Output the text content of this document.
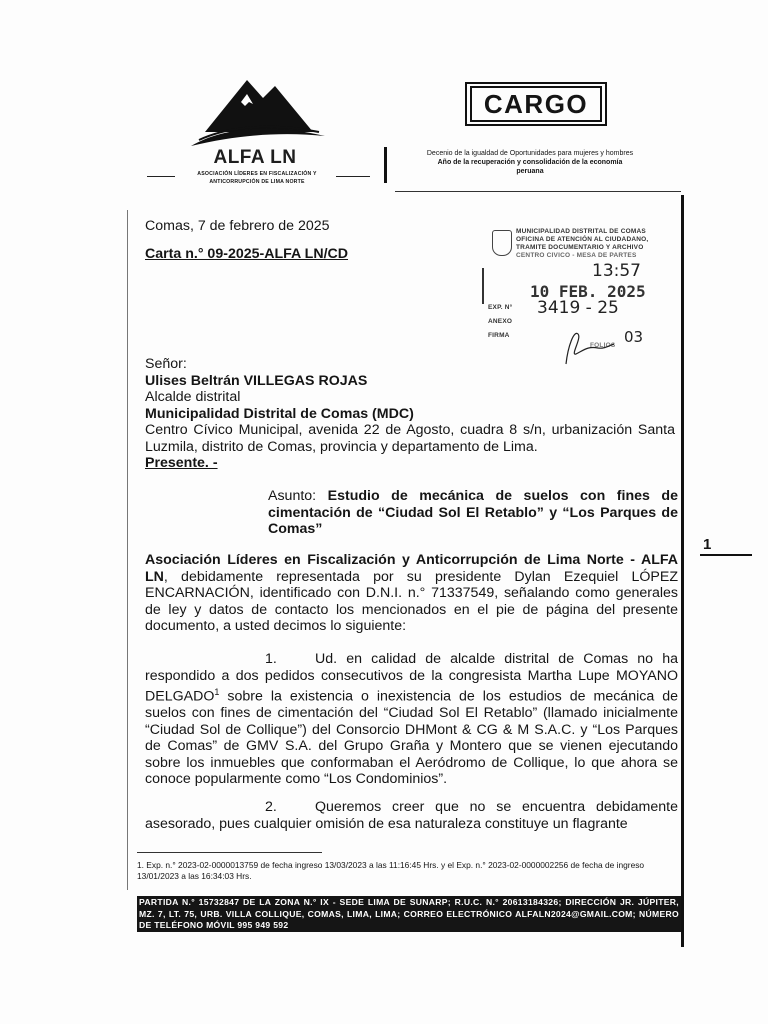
ALFA LN
ASOCIACIÓN LÍDERES EN FISCALIZACIÓN Y
ANTICORRUPCIÓN DE LIMA NORTE
Decenio de la igualdad de Oportunidades para mujeres y hombres
Año de la recuperación y consolidación de la economía
peruana
CARGO
1
Comas, 7 de febrero de 2025
Carta n.° 09-2025-ALFA LN/CD
MUNICIPALIDAD DISTRITAL DE COMAS
OFICINA DE ATENCIÓN AL CIUDADANO,
TRAMITE DOCUMENTARIO Y ARCHIVO
CENTRO CIVICO - MESA DE PARTES
13:57
10 FEB. 2025
EXP. N° 3419 - 25
ANEXO
FIRMA
FOLIOS 03
Señor:
Ulises Beltrán VILLEGAS ROJAS
Alcalde distrital
Municipalidad Distrital de Comas (MDC)
Centro Cívico Municipal, avenida 22 de Agosto, cuadra 8 s/n, urbanización Santa Luzmila, distrito de Comas, provincia y departamento de Lima.
Presente. -
Asunto: Estudio de mecánica de suelos con fines de cimentación de “Ciudad Sol El Retablo” y “Los Parques de Comas”
Asociación Líderes en Fiscalización y Anticorrupción de Lima Norte - ALFA LN, debidamente representada por su presidente Dylan Ezequiel LÓPEZ ENCARNACIÓN, identificado con D.N.I. n.° 71337549, señalando como generales de ley y datos de contacto los mencionados en el pie de página del presente documento, a usted decimos lo siguiente:
1.	Ud. en calidad de alcalde distrital de Comas no ha respondido a dos pedidos consecutivos de la congresista Martha Lupe MOYANO DELGADO$^1$ sobre la existencia o inexistencia de los estudios de mecánica de suelos con fines de cimentación del “Ciudad Sol El Retablo” (llamado inicialmente “Ciudad Sol de Collique”) del Consorcio DHMont & CG & M S.A.C. y “Los Parques de Comas” de GMV S.A. del Grupo Graña y Montero que se vienen ejecutando sobre los inmuebles que conformaban el Aeródromo de Collique, lo que ahora se conoce popularmente como “Los Condominios”.
2.	Queremos creer que no se encuentra debidamente asesorado, pues cualquier omisión de esa naturaleza constituye un flagrante
1. Exp. n.° 2023-02-0000013759 de fecha ingreso 13/03/2023 a las 11:16:45 Hrs. y el Exp. n.° 2023-02-0000002256 de fecha de ingreso 13/01/2023 a las 16:34:03 Hrs.
PARTIDA N.° 15732847 DE LA ZONA N.° IX - SEDE LIMA DE SUNARP; R.U.C. N.° 20613184326; DIRECCIÓN JR. JÚPITER, MZ. 7, LT. 75, URB. VILLA COLLIQUE, COMAS, LIMA, LIMA; CORREO ELECTRÓNICO ALFALN2024@GMAIL.COM; NÚMERO DE TELÉFONO MÓVIL 995 949 592
